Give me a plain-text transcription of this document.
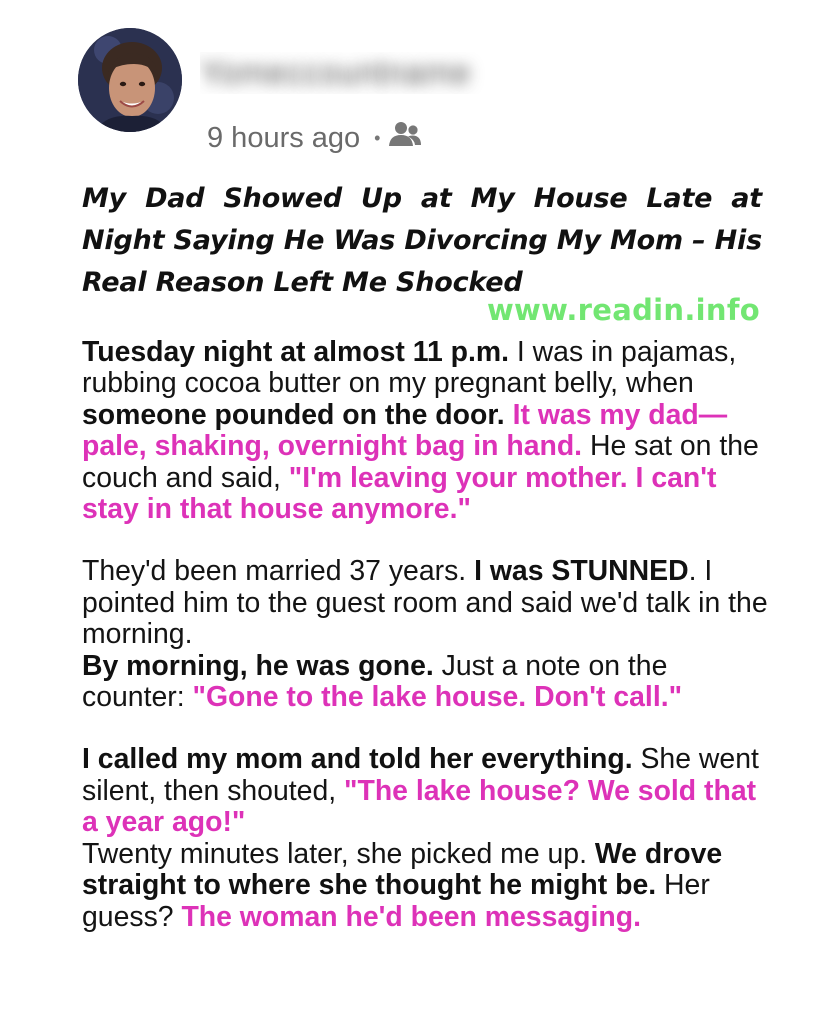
Yomeccountname
9 hours ago •
My Dad Showed Up at My House Late at Night Saying He Was Divorcing My Mom – His Real Reason Left Me Shocked
www.readin.info

Tuesday night at almost 11 p.m. I was in pajamas, rubbing cocoa butter on my pregnant belly, when someone pounded on the door. It was my dad—pale, shaking, overnight bag in hand. He sat on the couch and said, "I'm leaving your mother. I can't stay in that house anymore."

They'd been married 37 years. I was STUNNED. I pointed him to the guest room and said we'd talk in the morning.

By morning, he was gone. Just a note on the counter: "Gone to the lake house. Don't call."

I called my mom and told her everything. She went silent, then shouted, "The lake house? We sold that a year ago!"

Twenty minutes later, she picked me up. We drove straight to where she thought he might be. Her guess? The woman he'd been messaging.
